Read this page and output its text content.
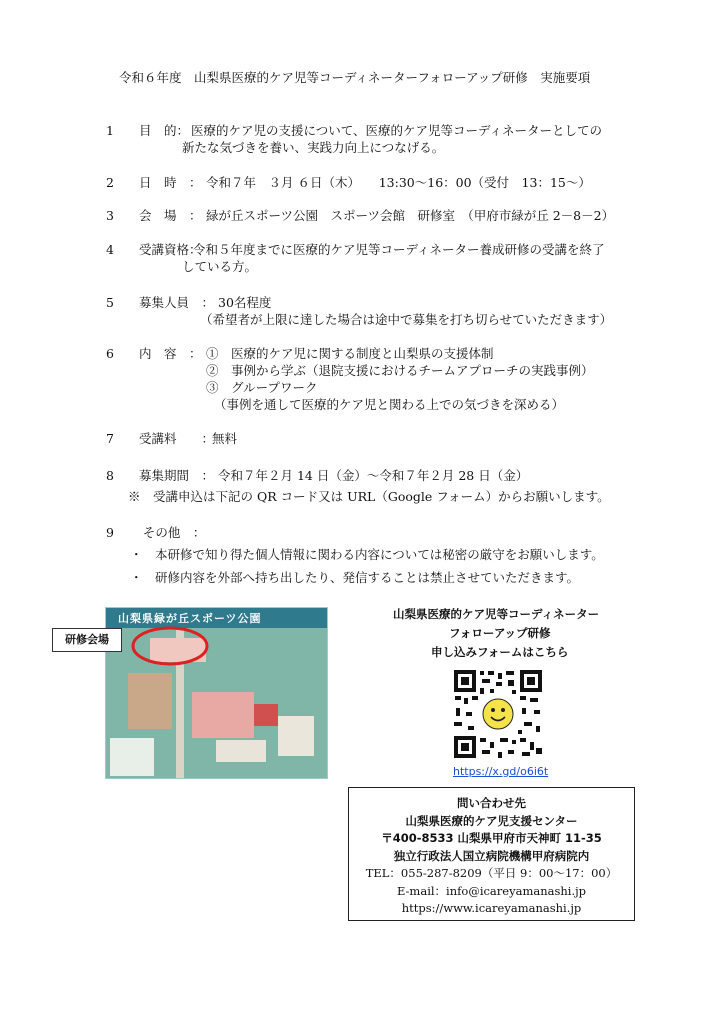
令和６年度　山梨県医療的ケア児等コーディネーターフォローアップ研修　実施要項
1　　目　的： 医療的ケア児の支援について、医療的ケア児等コーディネーターとしての
新たな気づきを養い、実践力向上につなげる。
2　　日　時　： 令和７年　３月 ６日（木）　　13:30〜16：00（受付　13：15〜）
3　　会　場　： 緑が丘スポーツ公園　スポーツ会館　研修室　（甲府市緑が丘 2－8－2）
4　　受講資格：
令和５年度までに医療的ケア児等コーディネーター養成研修の受講を終了
している方。
5　　募集人員　： 30名程度
（希望者が上限に達した場合は途中で募集を打ち切らせていただきます）
6　　内　容　： ①　医療的ケア児に関する制度と山梨県の支援体制
②　事例から学ぶ（退院支援におけるチームアプローチの実践事例）
③　グループワーク
（事例を通して医療的ケア児と関わる上での気づきを深める）
7　　受講料　　：
無料
8　　募集期間　： 令和７年２月 14 日（金）～令和７年２月 28 日（金）
※　受講申込は下記の QR コード又は URL（Google フォーム）からお願いします。
9　　 その他　：
・　本研修で知り得た個人情報に関わる内容については秘密の厳守をお願いします。
・　研修内容を外部へ持ち出したり、発信することは禁止させていただきます。
山梨県緑が丘スポーツ公園
研修会場
山梨県医療的ケア児等コーディネーター
フォローアップ研修
申し込みフォームはこちら
https://x.gd/o6i6t
問い合わせ先
山梨県医療的ケア児支援センター
〒400-8533 山梨県甲府市天神町 11-35
独立行政法人国立病院機構甲府病院内
TEL：055-287-8209（平日 9：00〜17：00）
E-mail：info@icareyamanashi.jp
https://www.icareyamanashi.jp
